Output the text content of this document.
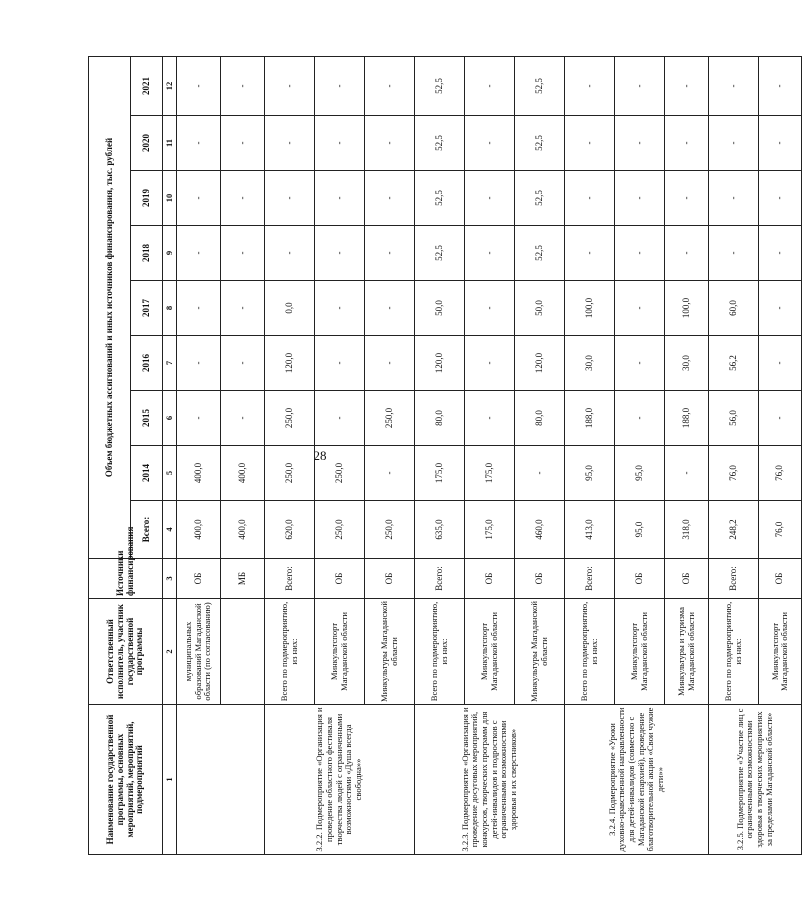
28
Наименование государственной программы, основных мероприятий, мероприятий, подмероприятий	Ответственный исполнитель, участник государственной программы	Источники финансирования	Объем бюджетных ассигнований и иных источников финансирования, тыс. рублей								
			Всего:	2014	2015	2016	2017	2018	2019	2020	2021
1	2	3	4	5	6	7	8	9	10	11	12
	муниципальных образований Магаданской области (по согласованию)	ОБ	400,0	400,0	-	-	-	-	-	-	-
		МБ	400,0	400,0	-	-	-	-	-	-	-
3.2.2. Подмероприятие «Организация и проведение областного фестиваля творчества людей с ограниченными возможностями «Душа всегда свободна»»	Всего по подмероприятию, из них:	Всего:	620,0	250,0	250,0	120,0	0,0	-	-	-	-
	Минкультспорт Магаданской области	ОБ	250,0	250,0	-	-	-	-	-	-	-
	Минкультуры Магаданской области	ОБ	250,0	-	250,0	-	-	-	-	-	-
3.2.3. Подмероприятие «Организация и проведение досуговых мероприятий, конкурсов, творческих программ для детей-инвалидов и подростков с ограниченными возможностями здоровья и их сверстников»	Всего по подмероприятию, из них:	Всего:	635,0	175,0	80,0	120,0	50,0	52,5	52,5	52,5	52,5
	Минкультспорт Магаданской области	ОБ	175,0	175,0	-	-	-	-	-	-	-
	Минкультуры Магаданской области	ОБ	460,0	-	80,0	120,0	50,0	52,5	52,5	52,5	52,5
3.2.4. Подмероприятие «Уроки духовно-нравственной направленности для детей-инвалидов (совместно с Магаданской епархией), проведение благотворительной акции «Свои чужие дети»»	Всего по подмероприятию, из них:	Всего:	413,0	95,0	188,0	30,0	100,0	-	-	-	-
	Минкультспорт Магаданской области	ОБ	95,0	95,0	-	-	-	-	-	-	-
	Минкультуры и туризма Магаданской области	ОБ	318,0	-	188,0	30,0	100,0	-	-	-	-
3.2.5. Подмероприятие «Участие лиц с ограниченными возможностями здоровья в творческих мероприятиях за пределами Магаданской области»	Всего по подмероприятию, из них:	Всего:	248,2	76,0	56,0	56,2	60,0	-	-	-	-
	Минкультспорт Магаданской области	ОБ	76,0	76,0	-	-	-	-	-	-	-
